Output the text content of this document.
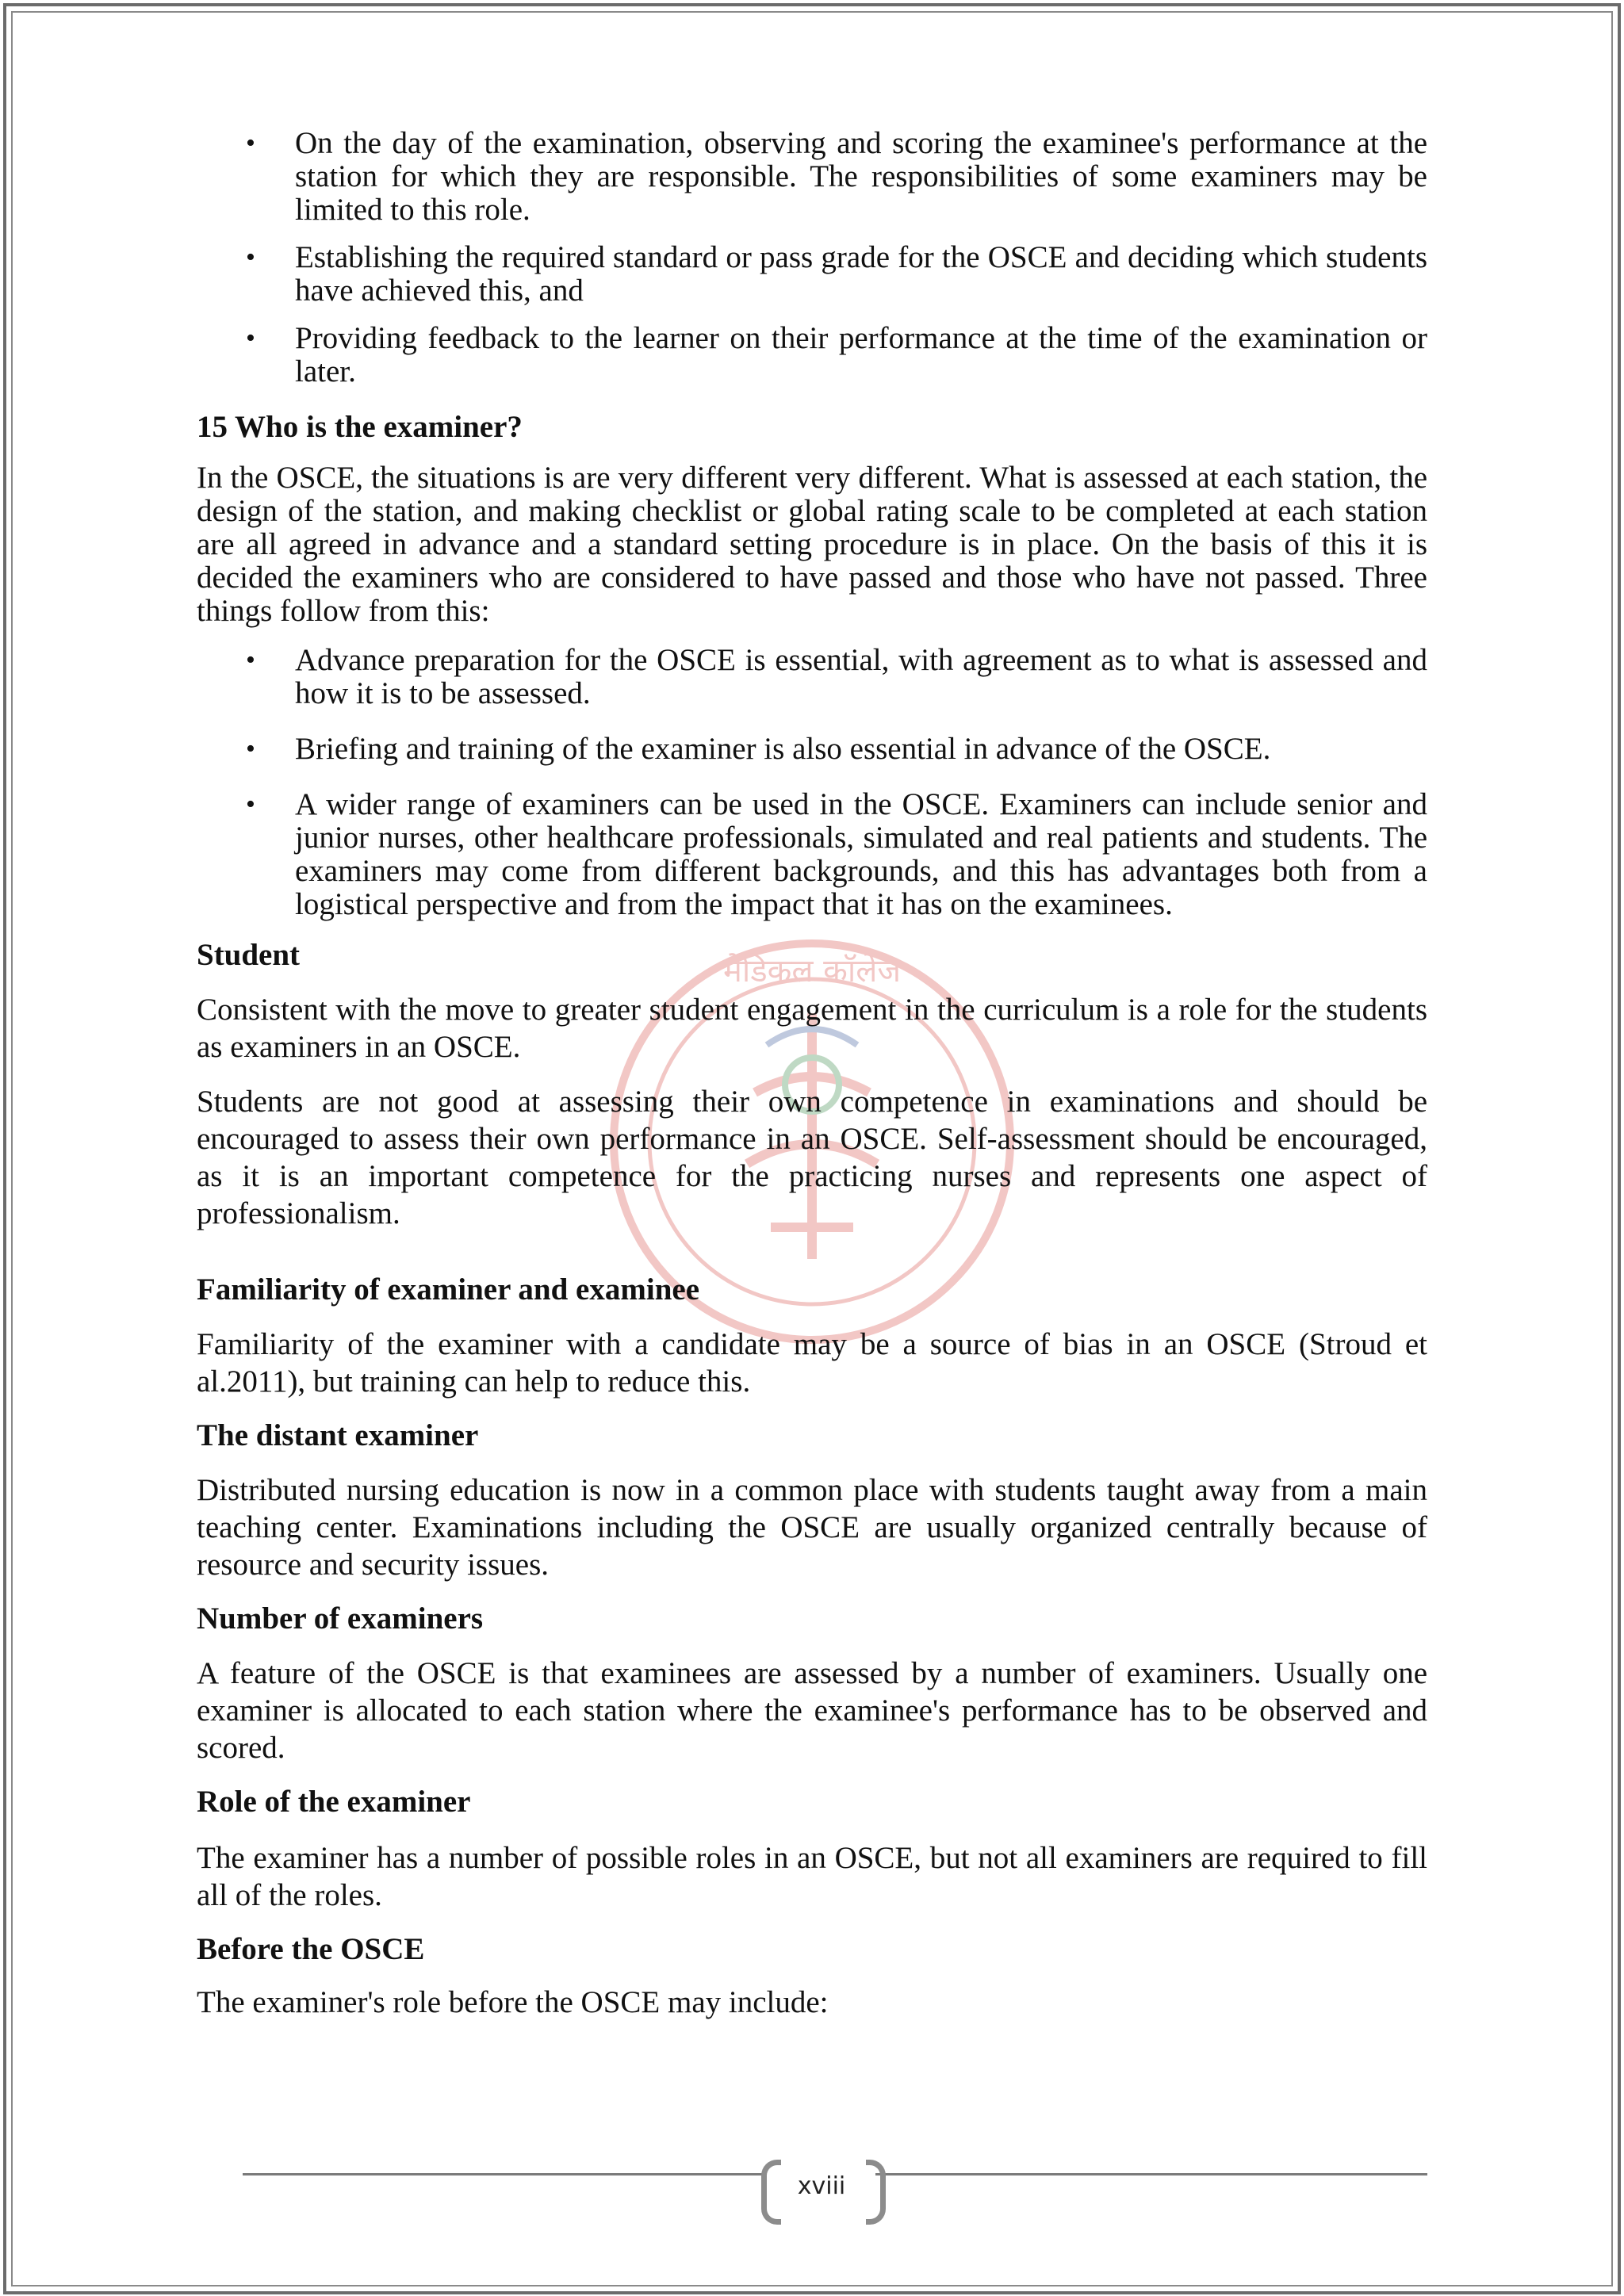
मेडिकल कॉलेज
• On the day of the examination, observing and scoring the examinee's performance at the station for which they are responsible. The responsibilities of some examiners may be limited to this role.
• Establishing the required standard or pass grade for the OSCE and deciding which students have achieved this, and
• Providing feedback to the learner on their performance at the time of the examination or later.
15 Who is the examiner?

In the OSCE, the situations is are very different very different. What is assessed at each station, the design of the station, and making checklist or global rating scale to be completed at each station are all agreed in advance and a standard setting procedure is in place. On the basis of this it is decided the examiners who are considered to have passed and those who have not passed. Three things follow from this:

• Advance preparation for the OSCE is essential, with agreement as to what is assessed and how it is to be assessed.
• Briefing and training of the examiner is also essential in advance of the OSCE.
• A wider range of examiners can be used in the OSCE. Examiners can include senior and junior nurses, other healthcare professionals, simulated and real patients and students. The examiners may come from different backgrounds, and this has advantages both from a logistical perspective and from the impact that it has on the examinees.
Student

Consistent with the move to greater student engagement in the curriculum is a role for the students as examiners in an OSCE.

Students are not good at assessing their own competence in examinations and should be encouraged to assess their own performance in an OSCE. Self-assessment should be encouraged, as it is an important competence for the practicing nurses and represents one aspect of professionalism.

Familiarity of examiner and examinee

Familiarity of the examiner with a candidate may be a source of bias in an OSCE (Stroud et al.2011), but training can help to reduce this.

The distant examiner

Distributed nursing education is now in a common place with students taught away from a main teaching center. Examinations including the OSCE are usually organized centrally because of resource and security issues.

Number of examiners

A feature of the OSCE is that examinees are assessed by a number of examiners. Usually one examiner is allocated to each station where the examinee's performance has to be observed and scored.

Role of the examiner

The examiner has a number of possible roles in an OSCE, but not all examiners are required to fill all of the roles.

Before the OSCE

The examiner's role before the OSCE may include:

xviii
